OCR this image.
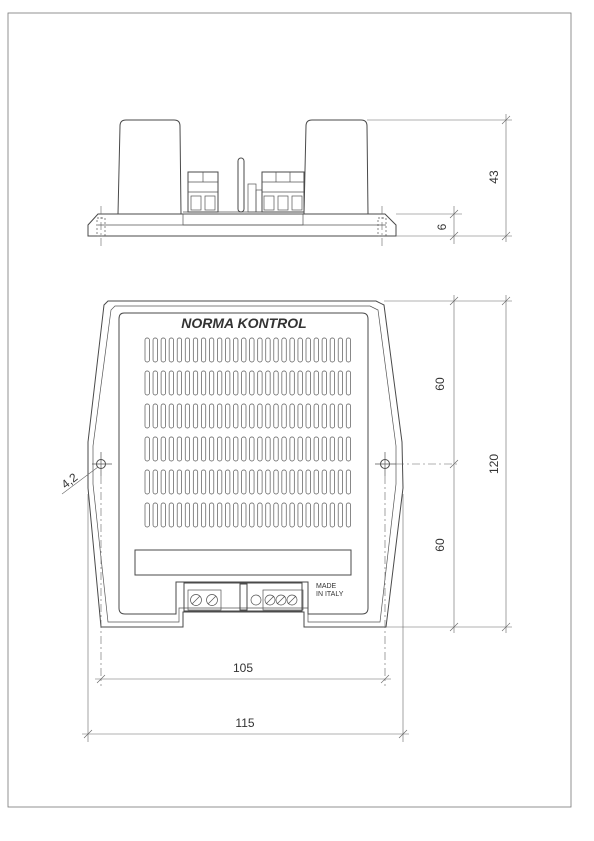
43
6
NORMA KONTROL
MADE
IN ITALY
60
60
120
105
115
4,2
